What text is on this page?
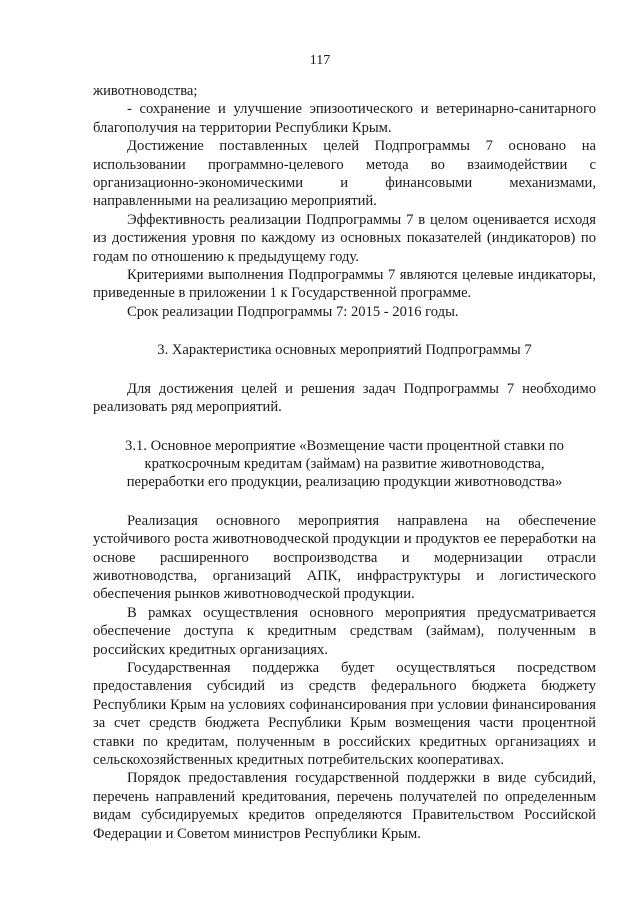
117

животноводства;

- сохранение и улучшение эпизоотического и ветеринарно-санитарного благополучия на территории Республики Крым.

Достижение поставленных целей Подпрограммы 7 основано на использовании программно-целевого метода во взаимодействии с организационно-экономическими и финансовыми механизмами, направленными на реализацию мероприятий.

Эффективность реализации Подпрограммы 7 в целом оценивается исходя из достижения уровня по каждому из основных показателей (индикаторов) по годам по отношению к предыдущему году.

Критериями выполнения Подпрограммы 7 являются целевые индикаторы, приведенные в приложении 1 к Государственной программе.

Срок реализации Подпрограммы 7: 2015 - 2016 годы.

3. Характеристика основных мероприятий Подпрограммы 7

Для достижения целей и решения задач Подпрограммы 7 необходимо реализовать ряд мероприятий.

3.1. Основное мероприятие «Возмещение части процентной ставки по краткосрочным кредитам (займам) на развитие животноводства, переработки его продукции, реализацию продукции животноводства»

Реализация основного мероприятия направлена на обеспечение устойчивого роста животноводческой продукции и продуктов ее переработки на основе расширенного воспроизводства и модернизации отрасли животноводства, организаций АПК, инфраструктуры и логистического обеспечения рынков животноводческой продукции.

В рамках осуществления основного мероприятия предусматривается обеспечение доступа к кредитным средствам (займам), полученным в российских кредитных организациях.

Государственная поддержка будет осуществляться посредством предоставления субсидий из средств федерального бюджета бюджету Республики Крым на условиях софинансирования при условии финансирования за счет средств бюджета Республики Крым возмещения части процентной ставки по кредитам, полученным в российских кредитных организациях и сельскохозяйственных кредитных потребительских кооперативах.

Порядок предоставления государственной поддержки в виде субсидий, перечень направлений кредитования, перечень получателей по определенным видам субсидируемых кредитов определяются Правительством Российской Федерации и Советом министров Республики Крым.
